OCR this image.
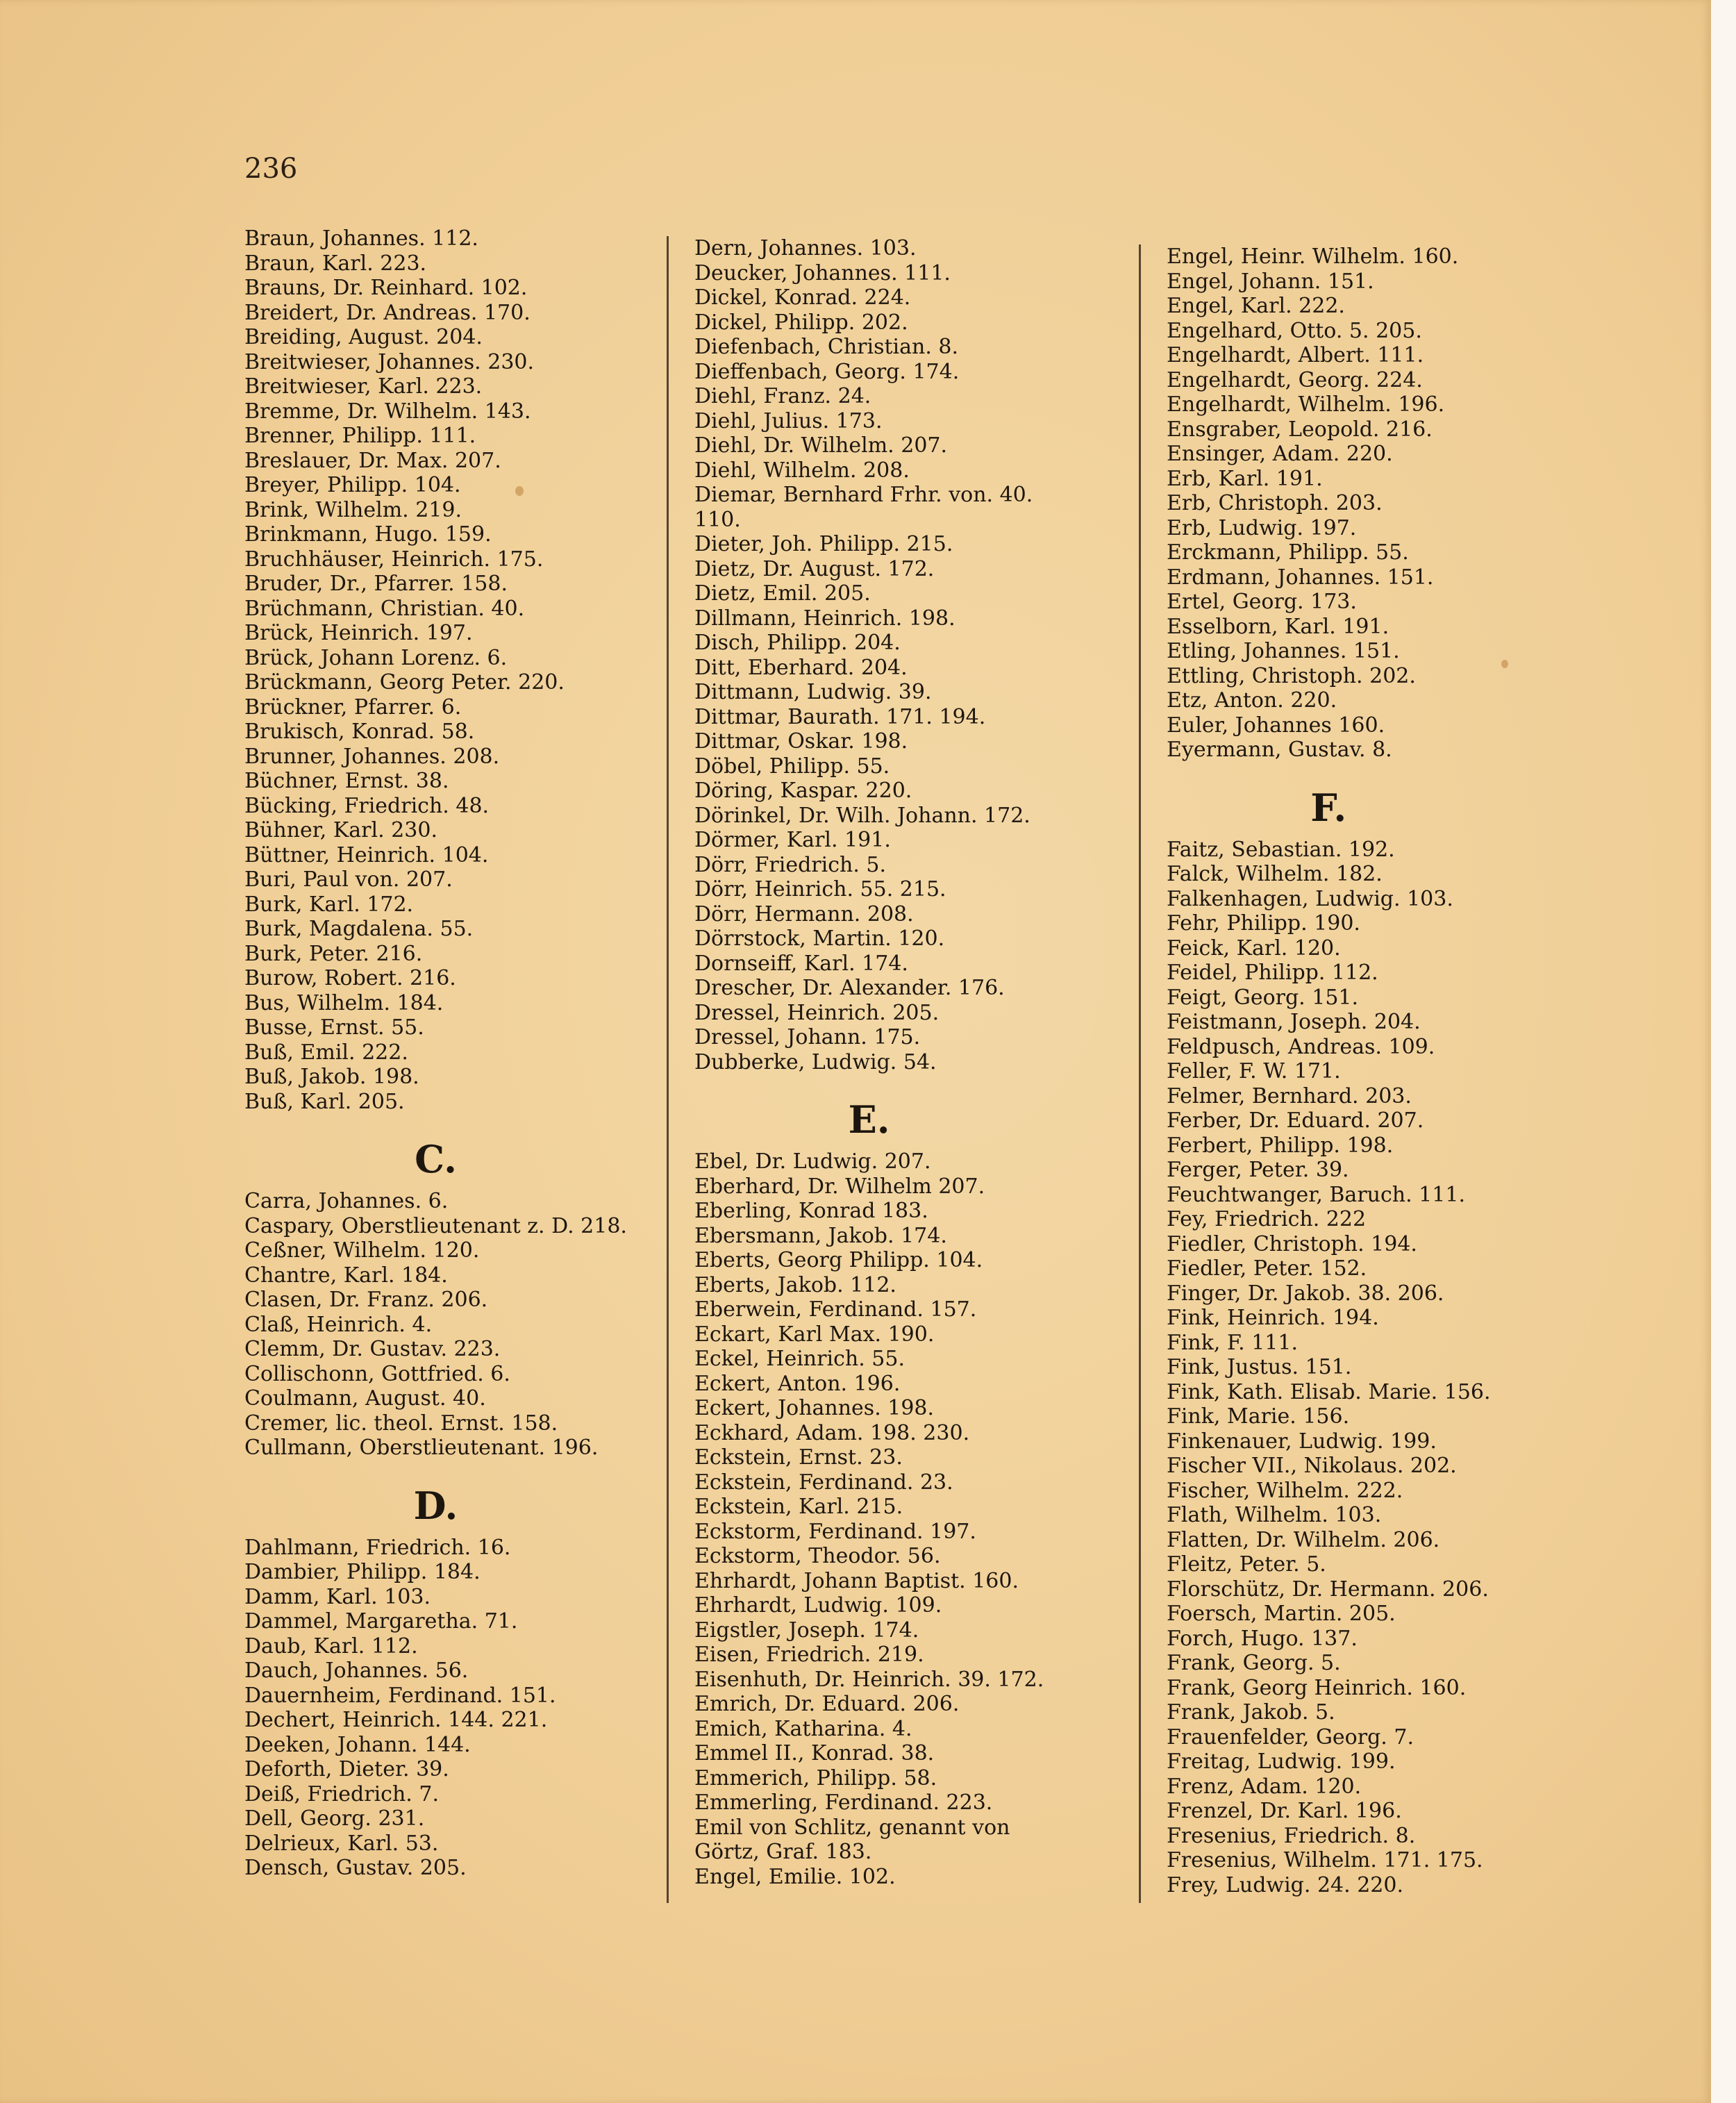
236
Braun, Johannes. 112.
Braun, Karl. 223.
Brauns, Dr. Reinhard. 102.
Breidert, Dr. Andreas. 170.
Breiding, August. 204.
Breitwieser, Johannes. 230.
Breitwieser, Karl. 223.
Bremme, Dr. Wilhelm. 143.
Brenner, Philipp. 111.
Breslauer, Dr. Max. 207.
Breyer, Philipp. 104.
Brink, Wilhelm. 219.
Brinkmann, Hugo. 159.
Bruchhäuser, Heinrich. 175.
Bruder, Dr., Pfarrer. 158.
Brüchmann, Christian. 40.
Brück, Heinrich. 197.
Brück, Johann Lorenz. 6.
Brückmann, Georg Peter. 220.
Brückner, Pfarrer. 6.
Brukisch, Konrad. 58.
Brunner, Johannes. 208.
Büchner, Ernst. 38.
Bücking, Friedrich. 48.
Bühner, Karl. 230.
Büttner, Heinrich. 104.
Buri, Paul von. 207.
Burk, Karl. 172.
Burk, Magdalena. 55.
Burk, Peter. 216.
Burow, Robert. 216.
Bus, Wilhelm. 184.
Busse, Ernst. 55.
Buß, Emil. 222.
Buß, Jakob. 198.
Buß, Karl. 205.
C.
Carra, Johannes. 6.
Caspary, Oberstlieutenant z. D. 218.
Ceßner, Wilhelm. 120.
Chantre, Karl. 184.
Clasen, Dr. Franz. 206.
Claß, Heinrich. 4.
Clemm, Dr. Gustav. 223.
Collischonn, Gottfried. 6.
Coulmann, August. 40.
Cremer, lic. theol. Ernst. 158.
Cullmann, Oberstlieutenant. 196.
D.
Dahlmann, Friedrich. 16.
Dambier, Philipp. 184.
Damm, Karl. 103.
Dammel, Margaretha. 71.
Daub, Karl. 112.
Dauch, Johannes. 56.
Dauernheim, Ferdinand. 151.
Dechert, Heinrich. 144. 221.
Deeken, Johann. 144.
Deforth, Dieter. 39.
Deiß, Friedrich. 7.
Dell, Georg. 231.
Delrieux, Karl. 53.
Densch, Gustav. 205.
Dern, Johannes. 103.
Deucker, Johannes. 111.
Dickel, Konrad. 224.
Dickel, Philipp. 202.
Diefenbach, Christian. 8.
Dieffenbach, Georg. 174.
Diehl, Franz. 24.
Diehl, Julius. 173.
Diehl, Dr. Wilhelm. 207.
Diehl, Wilhelm. 208.
Diemar, Bernhard Frhr. von. 40.
110.
Dieter, Joh. Philipp. 215.
Dietz, Dr. August. 172.
Dietz, Emil. 205.
Dillmann, Heinrich. 198.
Disch, Philipp. 204.
Ditt, Eberhard. 204.
Dittmann, Ludwig. 39.
Dittmar, Baurath. 171. 194.
Dittmar, Oskar. 198.
Döbel, Philipp. 55.
Döring, Kaspar. 220.
Dörinkel, Dr. Wilh. Johann. 172.
Dörmer, Karl. 191.
Dörr, Friedrich. 5.
Dörr, Heinrich. 55. 215.
Dörr, Hermann. 208.
Dörrstock, Martin. 120.
Dornseiff, Karl. 174.
Drescher, Dr. Alexander. 176.
Dressel, Heinrich. 205.
Dressel, Johann. 175.
Dubberke, Ludwig. 54.
E.
Ebel, Dr. Ludwig. 207.
Eberhard, Dr. Wilhelm 207.
Eberling, Konrad 183.
Ebersmann, Jakob. 174.
Eberts, Georg Philipp. 104.
Eberts, Jakob. 112.
Eberwein, Ferdinand. 157.
Eckart, Karl Max. 190.
Eckel, Heinrich. 55.
Eckert, Anton. 196.
Eckert, Johannes. 198.
Eckhard, Adam. 198. 230.
Eckstein, Ernst. 23.
Eckstein, Ferdinand. 23.
Eckstein, Karl. 215.
Eckstorm, Ferdinand. 197.
Eckstorm, Theodor. 56.
Ehrhardt, Johann Baptist. 160.
Ehrhardt, Ludwig. 109.
Eigstler, Joseph. 174.
Eisen, Friedrich. 219.
Eisenhuth, Dr. Heinrich. 39. 172.
Emrich, Dr. Eduard. 206.
Emich, Katharina. 4.
Emmel II., Konrad. 38.
Emmerich, Philipp. 58.
Emmerling, Ferdinand. 223.
Emil von Schlitz, genannt von
Görtz, Graf. 183.
Engel, Emilie. 102.
Engel, Heinr. Wilhelm. 160.
Engel, Johann. 151.
Engel, Karl. 222.
Engelhard, Otto. 5. 205.
Engelhardt, Albert. 111.
Engelhardt, Georg. 224.
Engelhardt, Wilhelm. 196.
Ensgraber, Leopold. 216.
Ensinger, Adam. 220.
Erb, Karl. 191.
Erb, Christoph. 203.
Erb, Ludwig. 197.
Erckmann, Philipp. 55.
Erdmann, Johannes. 151.
Ertel, Georg. 173.
Esselborn, Karl. 191.
Etling, Johannes. 151.
Ettling, Christoph. 202.
Etz, Anton. 220.
Euler, Johannes 160.
Eyermann, Gustav. 8.
F.
Faitz, Sebastian. 192.
Falck, Wilhelm. 182.
Falkenhagen, Ludwig. 103.
Fehr, Philipp. 190.
Feick, Karl. 120.
Feidel, Philipp. 112.
Feigt, Georg. 151.
Feistmann, Joseph. 204.
Feldpusch, Andreas. 109.
Feller, F. W. 171.
Felmer, Bernhard. 203.
Ferber, Dr. Eduard. 207.
Ferbert, Philipp. 198.
Ferger, Peter. 39.
Feuchtwanger, Baruch. 111.
Fey, Friedrich. 222
Fiedler, Christoph. 194.
Fiedler, Peter. 152.
Finger, Dr. Jakob. 38. 206.
Fink, Heinrich. 194.
Fink, F. 111.
Fink, Justus. 151.
Fink, Kath. Elisab. Marie. 156.
Fink, Marie. 156.
Finkenauer, Ludwig. 199.
Fischer VII., Nikolaus. 202.
Fischer, Wilhelm. 222.
Flath, Wilhelm. 103.
Flatten, Dr. Wilhelm. 206.
Fleitz, Peter. 5.
Florschütz, Dr. Hermann. 206.
Foersch, Martin. 205.
Forch, Hugo. 137.
Frank, Georg. 5.
Frank, Georg Heinrich. 160.
Frank, Jakob. 5.
Frauenfelder, Georg. 7.
Freitag, Ludwig. 199.
Frenz, Adam. 120.
Frenzel, Dr. Karl. 196.
Fresenius, Friedrich. 8.
Fresenius, Wilhelm. 171. 175.
Frey, Ludwig. 24. 220.
